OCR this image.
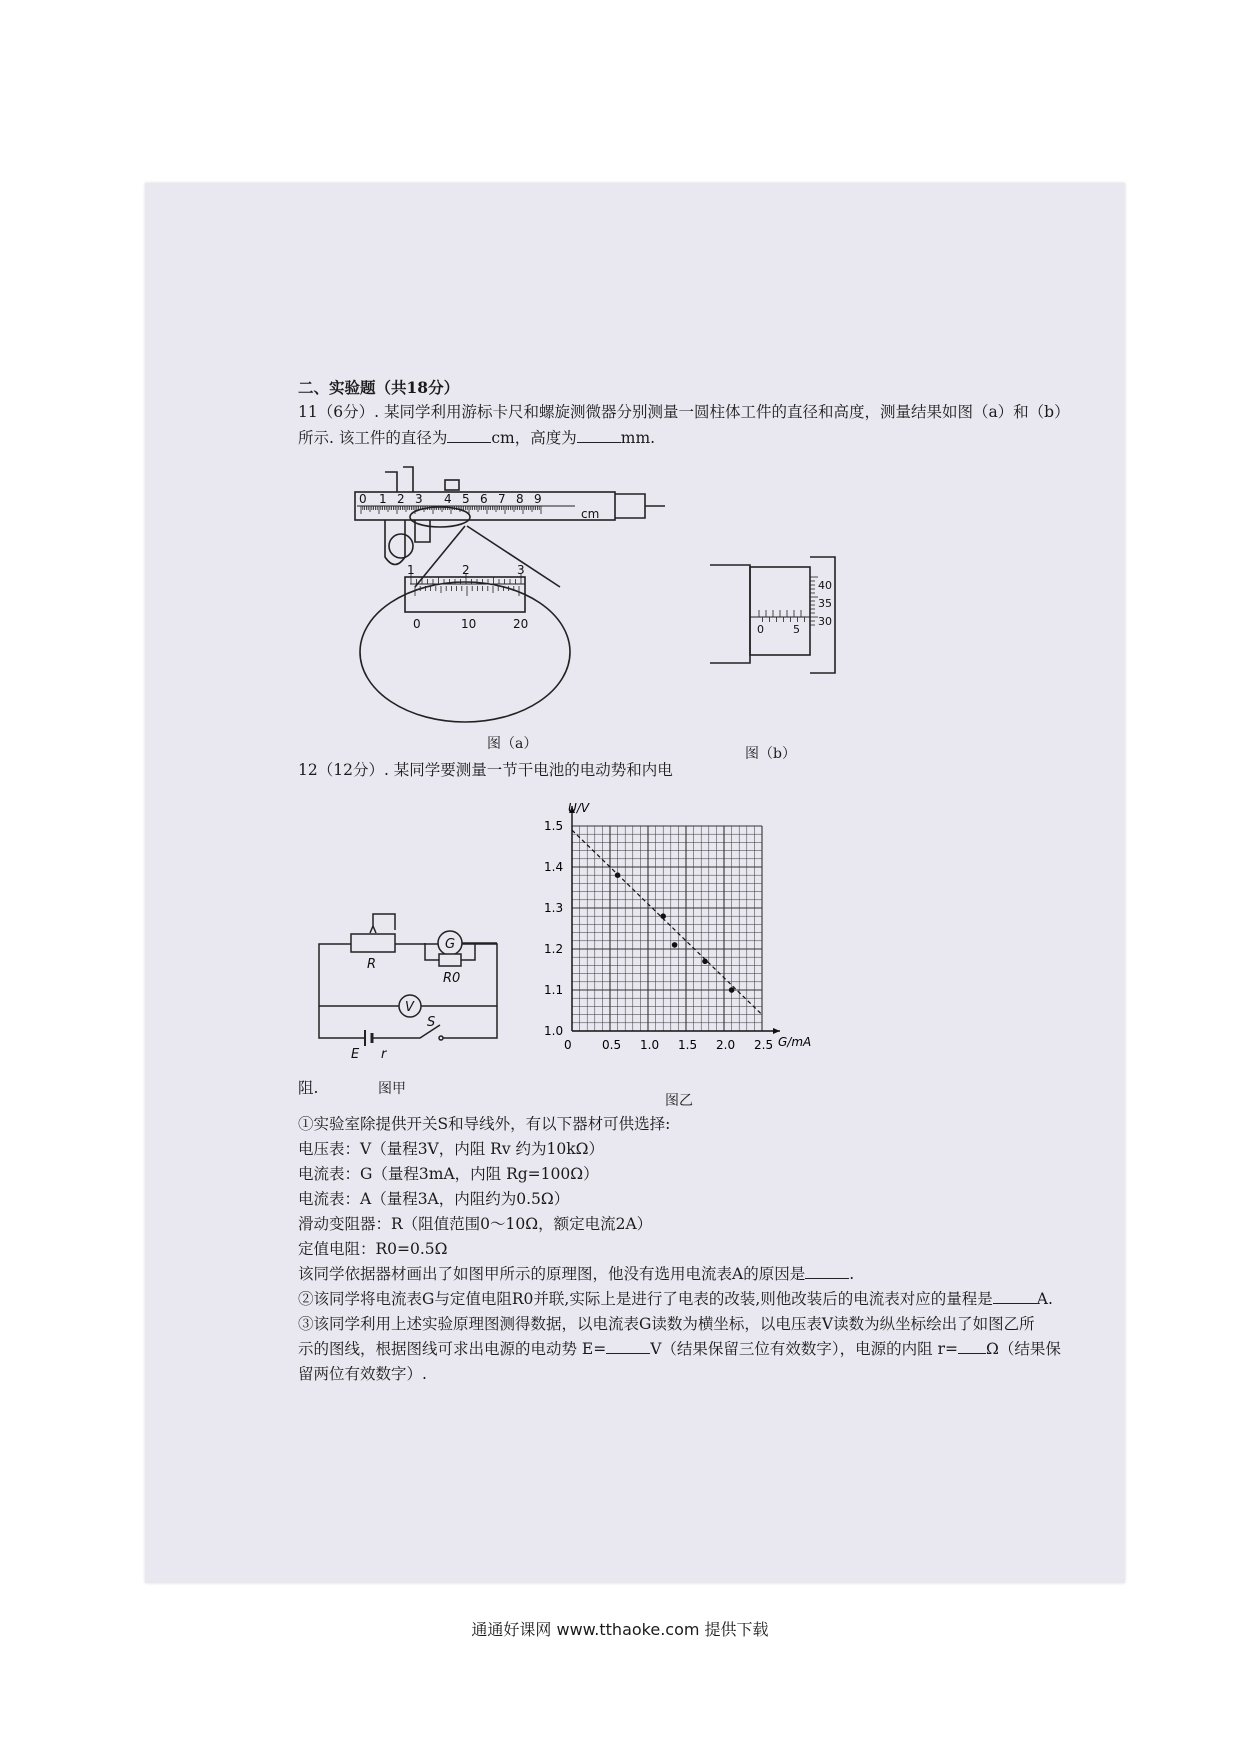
二、实验题（共18分）
11（6分）. 某同学利用游标卡尺和螺旋测微器分别测量一圆柱体工件的直径和高度，测量结果如图（a）和（b）
所示. 该工件的直径为	cm，高度为	mm.
0 1 2 3 4 5 6 7 8 9
cm
1	2	3
0	10	20
图（a）
0	5
40
35
30
图（b）
12（12分）. 某同学要测量一节干电池的电动势和内电
R
G
R0
V
S
E r
阻.	图甲
0	0.5 1.0 1.5 2.0 2.5
1.0
1.1
1.2
1.3
1.4
1.5
U/V
G/mA
图乙
①实验室除提供开关S和导线外，有以下器材可供选择:
电压表：V（量程3V，内阻 Rv 约为10kΩ）
电流表：G（量程3mA，内阻 Rg=100Ω）
电流表：A（量程3A，内阻约为0.5Ω）
滑动变阻器：R（阻值范围0～10Ω，额定电流2A）
定值电阻：R0=0.5Ω
该同学依据器材画出了如图甲所示的原理图，他没有选用电流表A的原因是	.
②该同学将电流表G与定值电阻R0并联,实际上是进行了电表的改装,则他改装后的电流表对应的量程是	A.
③该同学利用上述实验原理图测得数据，以电流表G读数为横坐标，以电压表V读数为纵坐标绘出了如图乙所
示的图线，根据图线可求出电源的电动势 E=	V（结果保留三位有效数字），电源的内阻 r= Ω（结果保
留两位有效数字）.
通通好课网 www.tthaoke.com 提供下载
